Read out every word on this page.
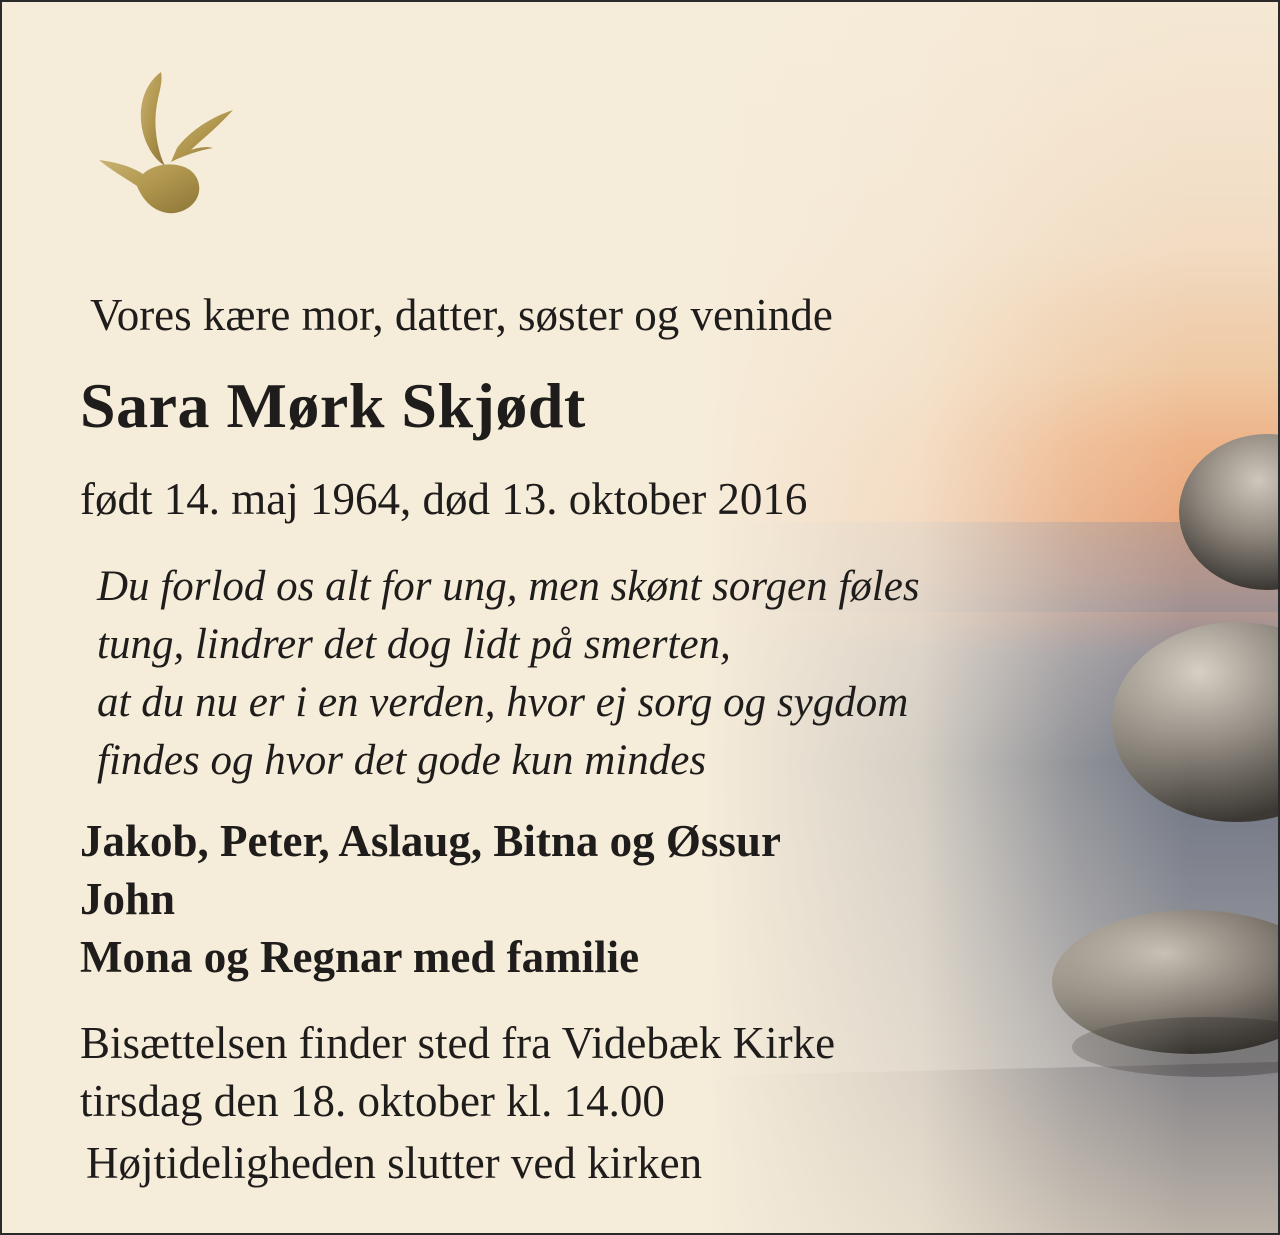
Vores kære mor, datter, søster og veninde

Sara Mørk Skjødt

født 14. maj 1964, død 13. oktober 2016

Du forlod os alt for ung, men skønt sorgen føles
tung, lindrer det dog lidt på smerten,
at du nu er i en verden, hvor ej sorg og sygdom
findes og hvor det gode kun mindes
Jakob, Peter, Aslaug, Bitna og Øssur
John
Mona og Regnar med familie
Bisættelsen finder sted fra Videbæk Kirke
tirsdag den 18. oktober kl. 14.00

Højtideligheden slutter ved kirken
